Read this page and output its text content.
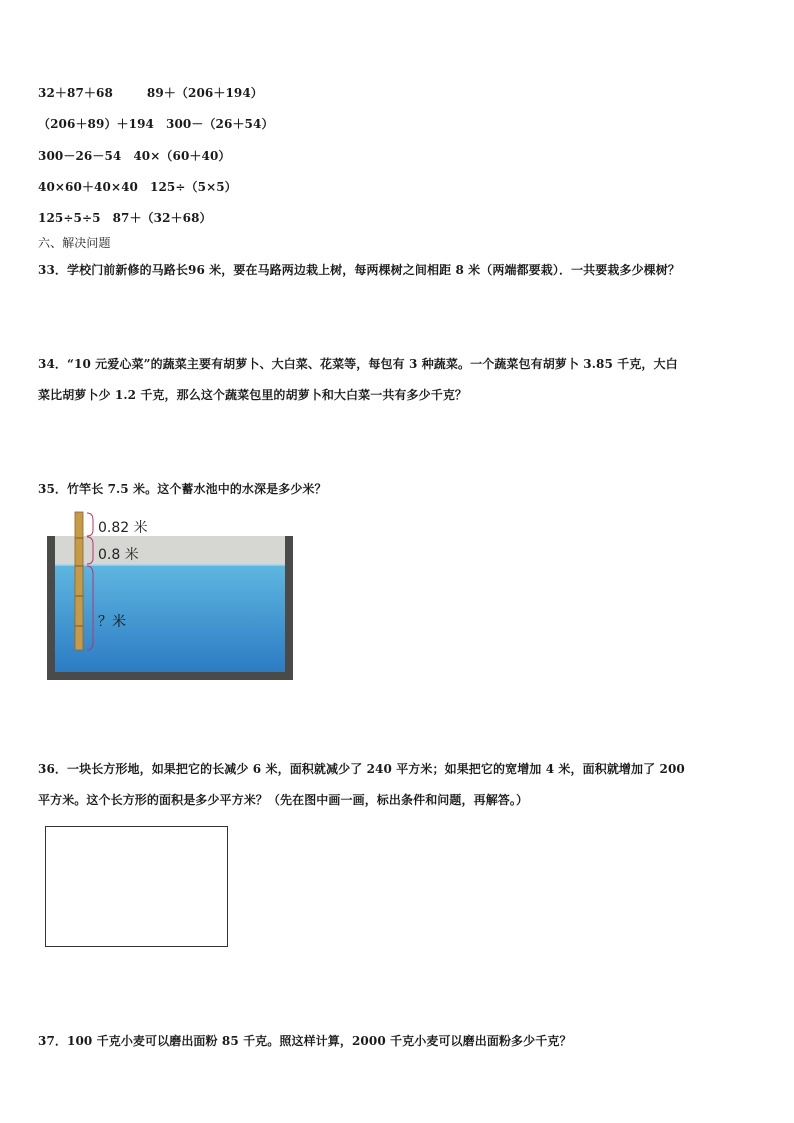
32＋87＋68	89＋（206＋194）
（206＋89）＋194 300－（26＋54）
300－26－54 40×（60＋40）
40×60＋40×40 125÷（5×5）
125÷5÷5 87＋（32＋68）
六、解决问题
33．学校门前新修的马路长96 米，要在马路两边栽上树，每两棵树之间相距 8 米（两端都要栽）．一共要栽多少棵树？
34．“10 元爱心菜”的蔬菜主要有胡萝卜、大白菜、花菜等，每包有 3 种蔬菜。一个蔬菜包有胡萝卜 3.85 千克，大白
菜比胡萝卜少 1.2 千克，那么这个蔬菜包里的胡萝卜和大白菜一共有多少千克？
35．竹竿长 7.5 米。这个蓄水池中的水深是多少米？
0.82 米
0.8 米
？米
36．一块长方形地，如果把它的长减少 6 米，面积就减少了 240 平方米；如果把它的宽增加 4 米，面积就增加了 200
平方米。这个长方形的面积是多少平方米？（先在图中画一画，标出条件和问题，再解答。）
37．100 千克小麦可以磨出面粉 85 千克。照这样计算，2000 千克小麦可以磨出面粉多少千克？
